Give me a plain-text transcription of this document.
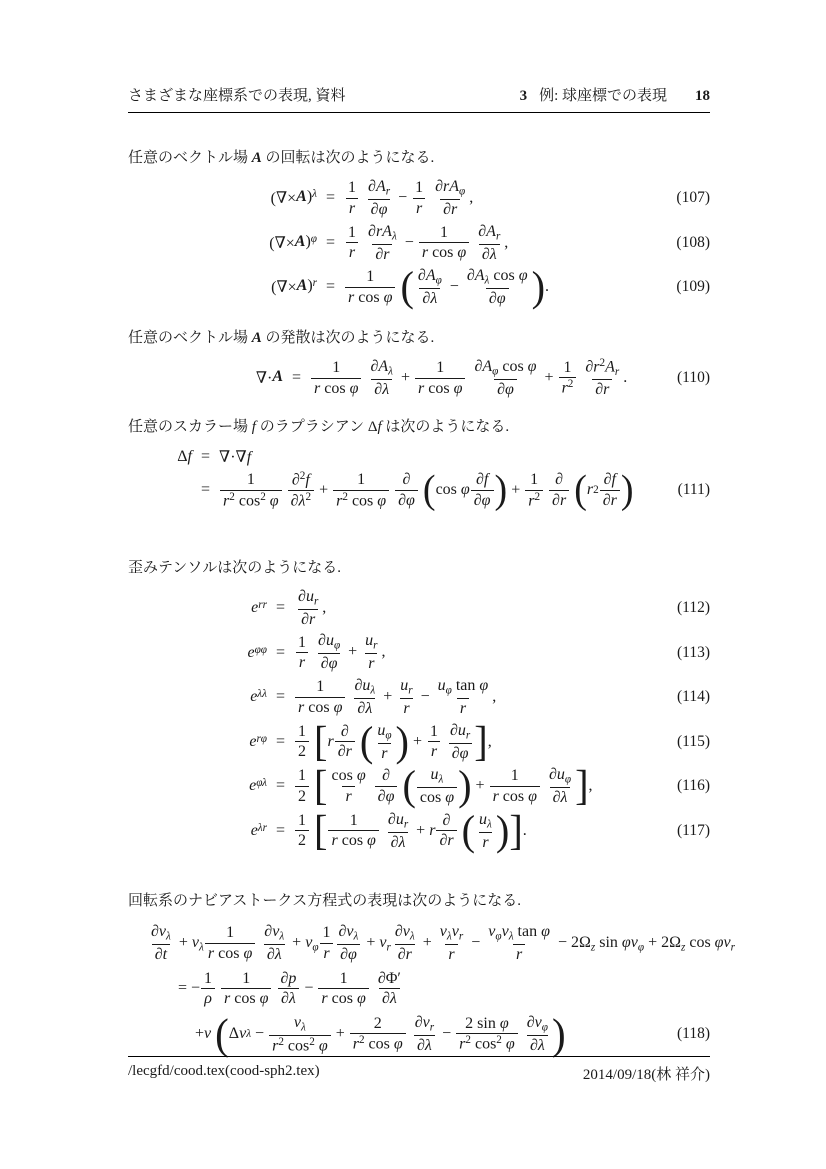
さまざまな座標系での表現, 資料	3 例: 球座標での表現 18

任意のベクトル場 A の回転は次のようになる.

(∇× A ) $\lambda = \frac{1}{r}$
$\frac{\partial A_r}{\partial\varphi} - \frac{1}{r}$
$\frac{\partial rA_\varphi}{\partial r}$ ,	(107)
(∇× A ) $\varphi = \frac{1}{r}$
$\frac{\partial rA_\lambda}{\partial r} - \frac{1}{\text{r cos φ}}$
$\frac{\partial A_r}{\partial\lambda}$ ,	(108)
(∇× A ) $r = \frac{1}{\text{r cos φ}}$
( $\frac{\partial A_\varphi}{\partial\lambda} - \frac{\partial A_\lambda \cos \varphi}{\partial\varphi}$ ) .	(109)

任意のベクトル場 A の発散は次のようになる.

∇· $A = \frac{1}{\text{r cos φ}}$
$\frac{\partial A_\lambda}{\partial\lambda} + \frac{1}{\text{r cos φ}}$
$\frac{\partial A_\varphi \cos \varphi}{\partial\varphi} + \frac{1}{r^2}$
$\frac{\partial r^2A_r}{\partial r}$ .	(110)

任意のスカラー場 f のラプラシアン Δf は次のようになる.

Δ f = ∇·∇f
= $\frac{1}{r^2 \cos^2 \varphi}$
$\frac{\partial^2f}{\partial\lambda^2} + \frac{1}{r^2 \cos \varphi}$
$\frac{\partial}{\partial\varphi}$
( cos
φ $\frac{\partial f}{\partial\varphi}$ ) + $\frac{1}{r^2}$
$\frac{\partial}{\partial r}$
( r $2 \frac{\partial f}{\partial r}$ )	(111)

歪みテンソルは次のようになる.

e rr = $\frac{\partial u_r}{\partial r}$ ,	(112)
e $\varphi\varphi = \frac{1}{r}$
$\frac{\partial u_\varphi}{\partial\varphi} + \frac{u_r}{r}$ ,	(113)
e $\lambda\lambda = \frac{1}{\text{r cos φ}}$
$\frac{\partial u_\lambda}{\partial\lambda} + \frac{u_r}{r} - \frac{u_\varphi \tan \varphi}{r}$ ,	(114)
e $r\varphi = \frac{1}{2}$
[ r $\frac{\partial}{\partial r}$
( $\frac{u_\varphi}{r}$ ) + $\frac{1}{r}$
$\frac{\partial u_r}{\partial\varphi}$ ] ,	(115)
e $\varphi\lambda = \frac{1}{2}$
[ $\frac{\text{cos φ}}{r}$
$\frac{\partial}{\partial\varphi}$
( $\frac{u_\lambda}{\text{cos φ}}$ ) + $\frac{1}{\text{r cos φ}}$
$\frac{\partial u_\varphi}{\partial\lambda}$ ] ,	(116)
e $\lambda r = \frac{1}{2}$
[ $\frac{1}{\text{r cos φ}}$
$\frac{\partial u_r}{\partial\lambda} + r \frac{\partial}{\partial r}$
( $\frac{u_\lambda}{r}$ ) ] .	(117)

回転系のナビアストークス方程式の表現は次のようになる.

$\frac{\partial v_\lambda}{\partial t} + v_\lambda \frac{1}{\text{r cos φ}}$
$\frac{\partial v_\lambda}{\partial\lambda} + v_\varphi \frac{1}{r} \frac{\partial v_\lambda}{\partial\varphi} + v_r \frac{\partial v_\lambda}{\partial r} + \frac{v_\lambda v_r}{r} - \frac{v_\varphi v_\lambda \tan \varphi}{r} - 2\Omega_z$ $\sin \varphi v_\varphi + 2\Omega_z$ $\cos \varphi v_r$
= − $\frac{1}{\rho}$
$\frac{1}{\text{r cos φ}}$
$\frac{\partial p}{\partial\lambda} - \frac{1}{\text{r cos φ}}$
$\frac{\partial\Phi'}{\partial\lambda}$
+ν ( Δ v $\lambda - \frac{v_\lambda}{r^2 \cos^2 \varphi} + \frac{2}{r^2 \cos \varphi}$
$\frac{\partial v_r}{\partial\lambda} - \frac{\text{2 sin φ}}{r^2 \cos^2 \varphi}$
$\frac{\partial v_\varphi}{\partial\lambda}$ )	(118)
/lecgfd/cood.tex(cood-sph2.tex)	2014/09/18(林 祥介)
